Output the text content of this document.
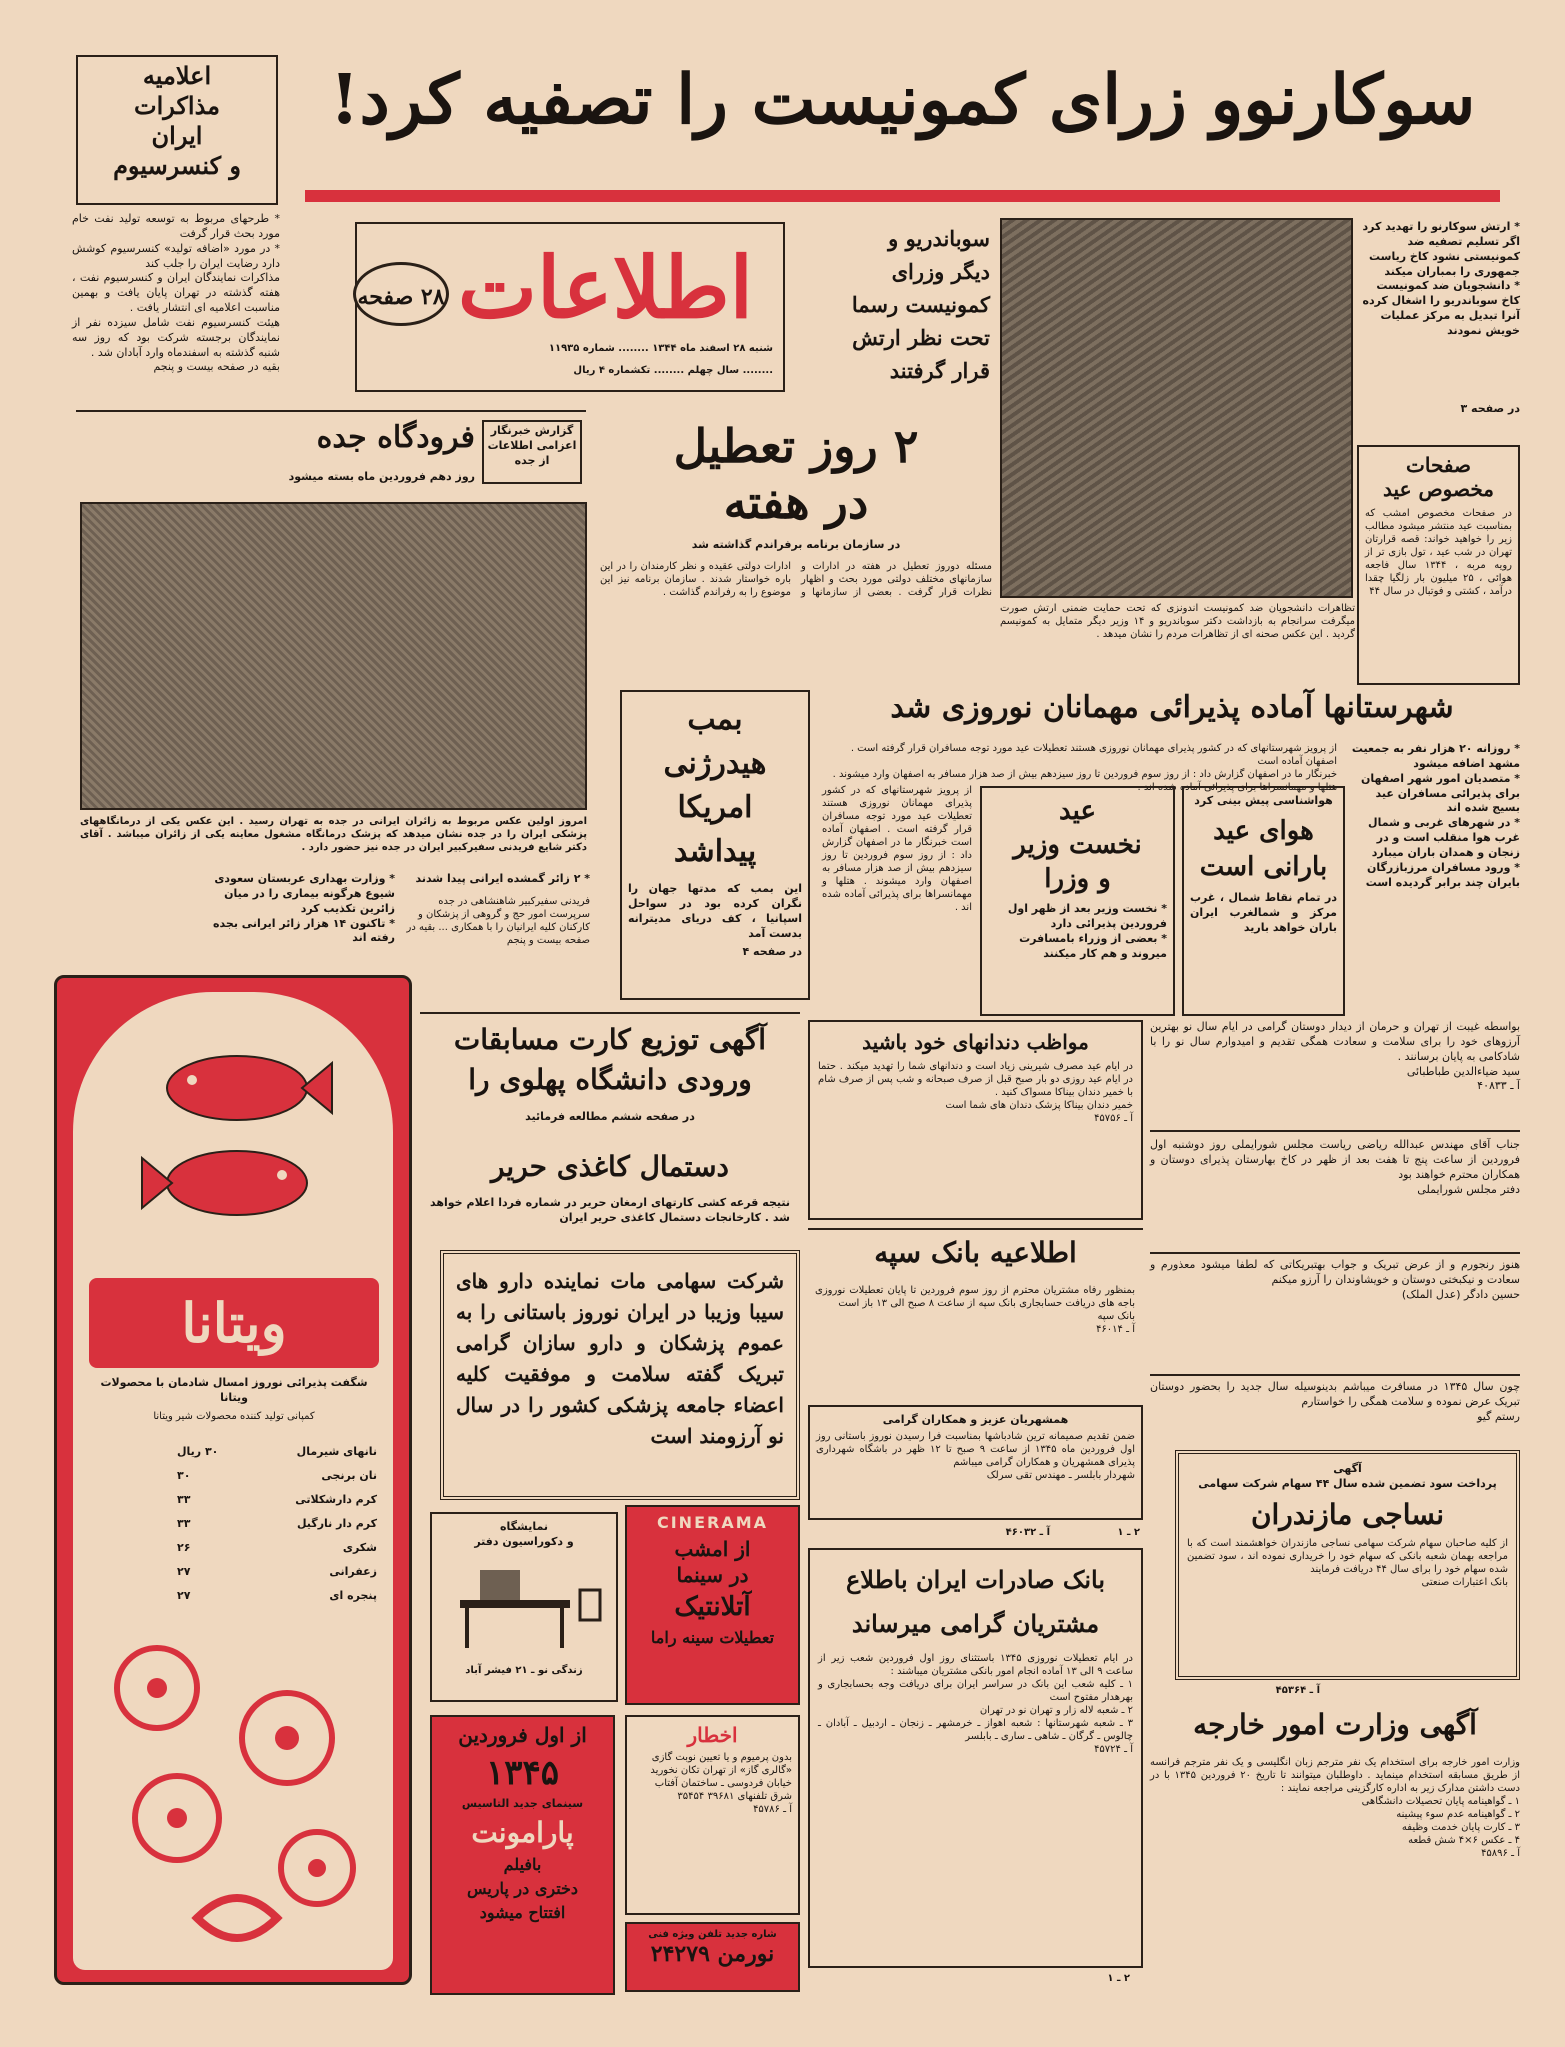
سوکارنوو زرای کمونیست را تصفیه کرد!
اعلامیه
مذاکرات
ایران
و کنسرسیوم
* طرحهای مربوط به توسعه تولید نفت خام مورد بحث قرار گرفت
* در مورد «اضافه تولید» کنسرسیوم کوشش دارد رضایت ایران را جلب کند
مذاکرات نمایندگان ایران و کنسرسیوم نفت ، هفته گذشته در تهران پایان یافت و بهمین مناسبت اعلامیه ای انتشار یافت .
هیئت کنسرسیوم نفت شامل سیزده نفر از نمایندگان برجسته شرکت بود که روز سه شنبه گذشته به اسفندماه وارد آبادان شد .
بقیه در صفحه بیست و پنجم
اطلاعات
۲۸ صفحه
شنبه ۲۸ اسفند ماه ۱۳۴۴ ........ شماره ۱۱۹۳۵
........ سال چهلم ........ تکشماره ۴ ریال
سوباندریو و
دیگر وزرای
کمونیست رسما
تحت نظر ارتش
قرار گرفتند
تظاهرات دانشجویان ضد کمونیست اندونزی که تحت حمایت ضمنی ارتش صورت میگرفت سرانجام به بازداشت دکتر سوباندریو و ۱۴ وزیر دیگر متمایل به کمونیسم گردید . این عکس صحنه ای از تظاهرات مردم را نشان میدهد .
* ارتش سوکارنو را تهدید کرد اگر تسلیم تصفیه ضد کمونیستی نشود کاخ ریاست جمهوری را بمباران میکند
* دانشجویان ضد کمونیست کاخ سوباندریو را اشغال کرده آنرا تبدیل به مرکز عملیات خویش نمودند
در صفحه ۳
صفحات
مخصوص عید
در صفحات مخصوص امشب که بمناسبت عید منتشر میشود مطالب زیر را خواهید خواند: قصه قرارتان تهران در شب عید ، تول بازی تر از رویه مربه ، ۱۳۴۴ سال فاجعه هوائی ، ۲۵ میلیون بار زلگیا چقدا درآمد ، کشتی و فوتبال در سال ۴۴
گزارش خبرنگار
اعزامی اطلاعات
از جده
فرودگاه جده
روز دهم فروردین ماه بسته میشود
امروز اولین عکس مربوط به زائران ایرانی در جده به تهران رسید . این عکس یکی از درمانگاههای پزشکی ایران را در جده نشان میدهد که پزشک درمانگاه مشغول معاینه یکی از زائران میباشد . آقای دکتر شایع فریدنی سفیرکبیر ایران در جده نیز حضور دارد .
۲ روز تعطیل
در هفته
در سازمان برنامه برفراندم گذاشته شد
مسئله دوروز تعطیل در هفته در ادارات و سازمانهای مختلف دولتی مورد بحث و اظهار نظرات قرار گرفت . بعضی از سازمانها و ادارات دولتی عقیده و نظر کارمندان را در این باره خواستار شدند . سازمان برنامه نیز این موضوع را به رفراندم گذاشت .
بمب
هیدرژنی
امریکا
پیداشد
این بمب که مدتها جهان را نگران کرده بود در سواحل اسپانیا ، کف دریای مدیترانه بدست آمد
در صفحه ۴
شهرستانها آماده پذیرائی مهمانان نوروزی شد
* روزانه ۲۰ هزار نفر به جمعیت مشهد اضافه میشود
* متصدیان امور شهر اصفهان برای پذیرائی مسافران عید بسیج شده اند
* در شهرهای غربی و شمال غرب هوا منقلب است و در زنجان و همدان باران میبارد
* ورود مسافران مرزبازرگان بایران چند برابر گردیده است
از پرویز شهرستانهای که در کشور پذیرای مهمانان نوروزی هستند تعطیلات عید مورد توجه مسافران قرار گرفته است . اصفهان آماده است
خبرنگار ما در اصفهان گزارش داد : از روز سوم فروردین تا روز سیزدهم بیش از صد هزار مسافر به اصفهان وارد میشوند . هتلها و مهمانسراها برای پذیرائی آماده شده اند .
از پرویز شهرستانهای که در کشور پذیرای مهمانان نوروزی هستند تعطیلات عید مورد توجه مسافران قرار گرفته است . اصفهان آماده است خبرنگار ما در اصفهان گزارش داد : از روز سوم فروردین تا روز سیزدهم بیش از صد هزار مسافر به اصفهان وارد میشوند . هتلها و مهمانسراها برای پذیرائی آماده شده اند .
عید
نخست وزیر
و وزرا
* نخست وزیر بعد از ظهر اول فروردین پذیرائی دارد
* بعضی از وزراء بامسافرت میروند و هم کار میکنند
هواشناسی پیش بینی کرد
هوای عید
بارانی است
در تمام نقاط شمال ، غرب مرکز و شمالغرب ایران باران خواهد بارید
* ۲ زائر گمشده ایرانی پیدا شدند
فریدنی سفیرکبیر شاهنشاهی در جده سرپرست امور حج و گروهی از پزشکان و کارکنان کلیه ایرانیان را با همکاری ... بقیه در صفحه بیست و پنجم
* وزارت بهداری عربستان سعودی شیوع هرگونه بیماری را در میان زائرین تکذیب کرد
* تاکنون ۱۴ هزار زائر ایرانی بجده رفته اند
ویتانا
شگفت پذیرائی نوروز امسال شادمان با محصولات ویتانا
کمپانی تولید کننده محصولات شیر ویتانا
نانهای شیرمال
۳۰ ریال
نان برنجی
۳۰
کرم دارشکلاتی
۳۳
کرم دار نارگیل
۳۳
شکری
۲۶
زعفرانی
۲۷
پنجره ای
۲۷
آگهی توزیع کارت مسابقات
ورودی دانشگاه پهلوی را
در صفحه ششم مطالعه فرمائید
دستمال کاغذی حریر
نتیجه قرعه کشی کارتهای ارمغان حریر در شماره فردا اعلام خواهد شد . کارخانجات دستمال کاغذی حریر ایران
مواظب دندانهای خود باشید
در ایام عید مصرف شیرینی زیاد است و دندانهای شما را تهدید میکند . حتما در ایام عید روزی دو بار صبح قبل از صرف صبحانه و شب پس از صرف شام با خمیر دندان بیناکا مسواک کنید .
خمیر دندان بیناکا پزشک دندان های شما است
آ ـ ۴۵۷۵۶
اطلاعیه بانک سپه
بمنظور رفاه مشتریان محترم از روز سوم فروردین تا پایان تعطیلات نوروزی باجه های دریافت حسابجاری بانک سپه از ساعت ۸ صبح الی ۱۳ باز است
بانک سپه
آ ـ ۴۶۰۱۴
شرکت سهامی مات نماینده دارو های سیبا وزیبا در ایران نوروز باستانی را به عموم پزشکان و دارو سازان گرامی تبریک گفته سلامت و موفقیت کلیه اعضاء جامعه پزشکی کشور را در سال نو آرزومند است
همشهریان عزیز و همکاران گرامی
ضمن تقدیم صمیمانه ترین شادباشها بمناسبت فرا رسیدن نوروز باستانی روز اول فروردین ماه ۱۳۴۵ از ساعت ۹ صبح تا ۱۲ ظهر در باشگاه شهرداری پذیرای همشهریان و همکاران گرامی میباشم
شهردار بابلسر ـ مهندس تقی سرلک
آ ـ ۴۶۰۳۲	۲ ـ ۱
نمایشگاه
و دکوراسیون دفتر
زندگی نو ـ ۲۱ فیشر آباد
CINERAMA
از امشب
در سینما
آتلانتیک
تعطیلات سینه راما
از اول فروردین
۱۳۴۵
سینمای جدید التاسیس
پارامونت
بافیلم
دختری در پاریس
افتتاح میشود
اخطار
بدون پرمیوم و یا تعیین نوبت گازی «گالری گاز» از تهران تکان نخورید
خیابان فردوسی ـ ساختمان آفتاب شرق تلفنهای ۳۹۶۸۱ ۳۵۴۵۴
آ ـ ۴۵۷۸۶
شاره جدید تلفن ویژه فنی
نورمن ۲۴۲۷۹
بانک صادرات ایران باطلاع
مشتریان گرامی میرساند
در ایام تعطیلات نوروزی ۱۳۴۵ باستثنای روز اول فروردین شعب زیر از ساعت ۹ الی ۱۳ آماده انجام امور بانکی مشتریان میباشند :
۱ ـ کلیه شعب این بانک در سراسر ایران برای دریافت وجه بحسابجاری و بهرهدار مفتوح است
۲ ـ شعبه لاله زار و تهران نو در تهران
۳ ـ شعبه شهرستانها : شعبه اهواز ـ خرمشهر ـ زنجان ـ اردبیل ـ آبادان ـ چالوس ـ گرگان ـ شاهی ـ ساری ـ بابلسر
آ ـ ۴۵۷۲۴
۲ ـ ۱
بواسطه غیبت از تهران و حرمان از دیدار دوستان گرامی در ایام سال نو بهترین آرزوهای خود را برای سلامت و سعادت همگی تقدیم و امیدوارم سال نو را با شادکامی به پایان برسانند .
سید ضیاءالدین طباطبائی
آ ـ ۴۰۸۳۳
جناب آقای مهندس عبدالله ریاضی ریاست مجلس شورایملی روز دوشنبه اول فروردین از ساعت پنج تا هفت بعد از ظهر در کاخ بهارستان پذیرای دوستان و همکاران محترم خواهند بود
دفتر مجلس شورایملی
هنوز رنجورم و از عرض تبریک و جواب بهتبریکاتی که لطفا میشود معذورم و سعادت و نیکبختی دوستان و خویشاوندان را آرزو میکنم
حسین دادگر (عدل الملک)
چون سال ۱۳۴۵ در مسافرت میباشم بدینوسیله سال جدید را بحضور دوستان تبریک عرض نموده و سلامت همگی را خواستارم
رستم گیو
آگهی
پرداخت سود تضمین شده سال ۴۴ سهام شرکت سهامی
نساجی مازندران
از کلیه صاحبان سهام شرکت سهامی نساجی مازندران خواهشمند است که با مراجعه بهمان شعبه بانکی که سهام خود را خریداری نموده اند ، سود تضمین شده سهام خود را برای سال ۴۴ دریافت فرمایند
بانک اعتبارات صنعتی
آ ـ ۴۵۳۶۴
آگهی وزارت امور خارجه
وزارت امور خارجه برای استخدام یک نفر مترجم زبان انگلیسی و یک نفر مترجم فرانسه از طریق مسابقه استخدام مینماید . داوطلبان میتوانند تا تاریخ ۲۰ فروردین ۱۳۴۵ با در دست داشتن مدارک زیر به اداره کارگزینی مراجعه نمایند :
۱ ـ گواهینامه پایان تحصیلات دانشگاهی
۲ ـ گواهینامه عدم سوء پیشینه
۳ ـ کارت پایان خدمت وظیفه
۴ ـ عکس ۶×۴ شش قطعه
آ ـ ۴۵۸۹۶
